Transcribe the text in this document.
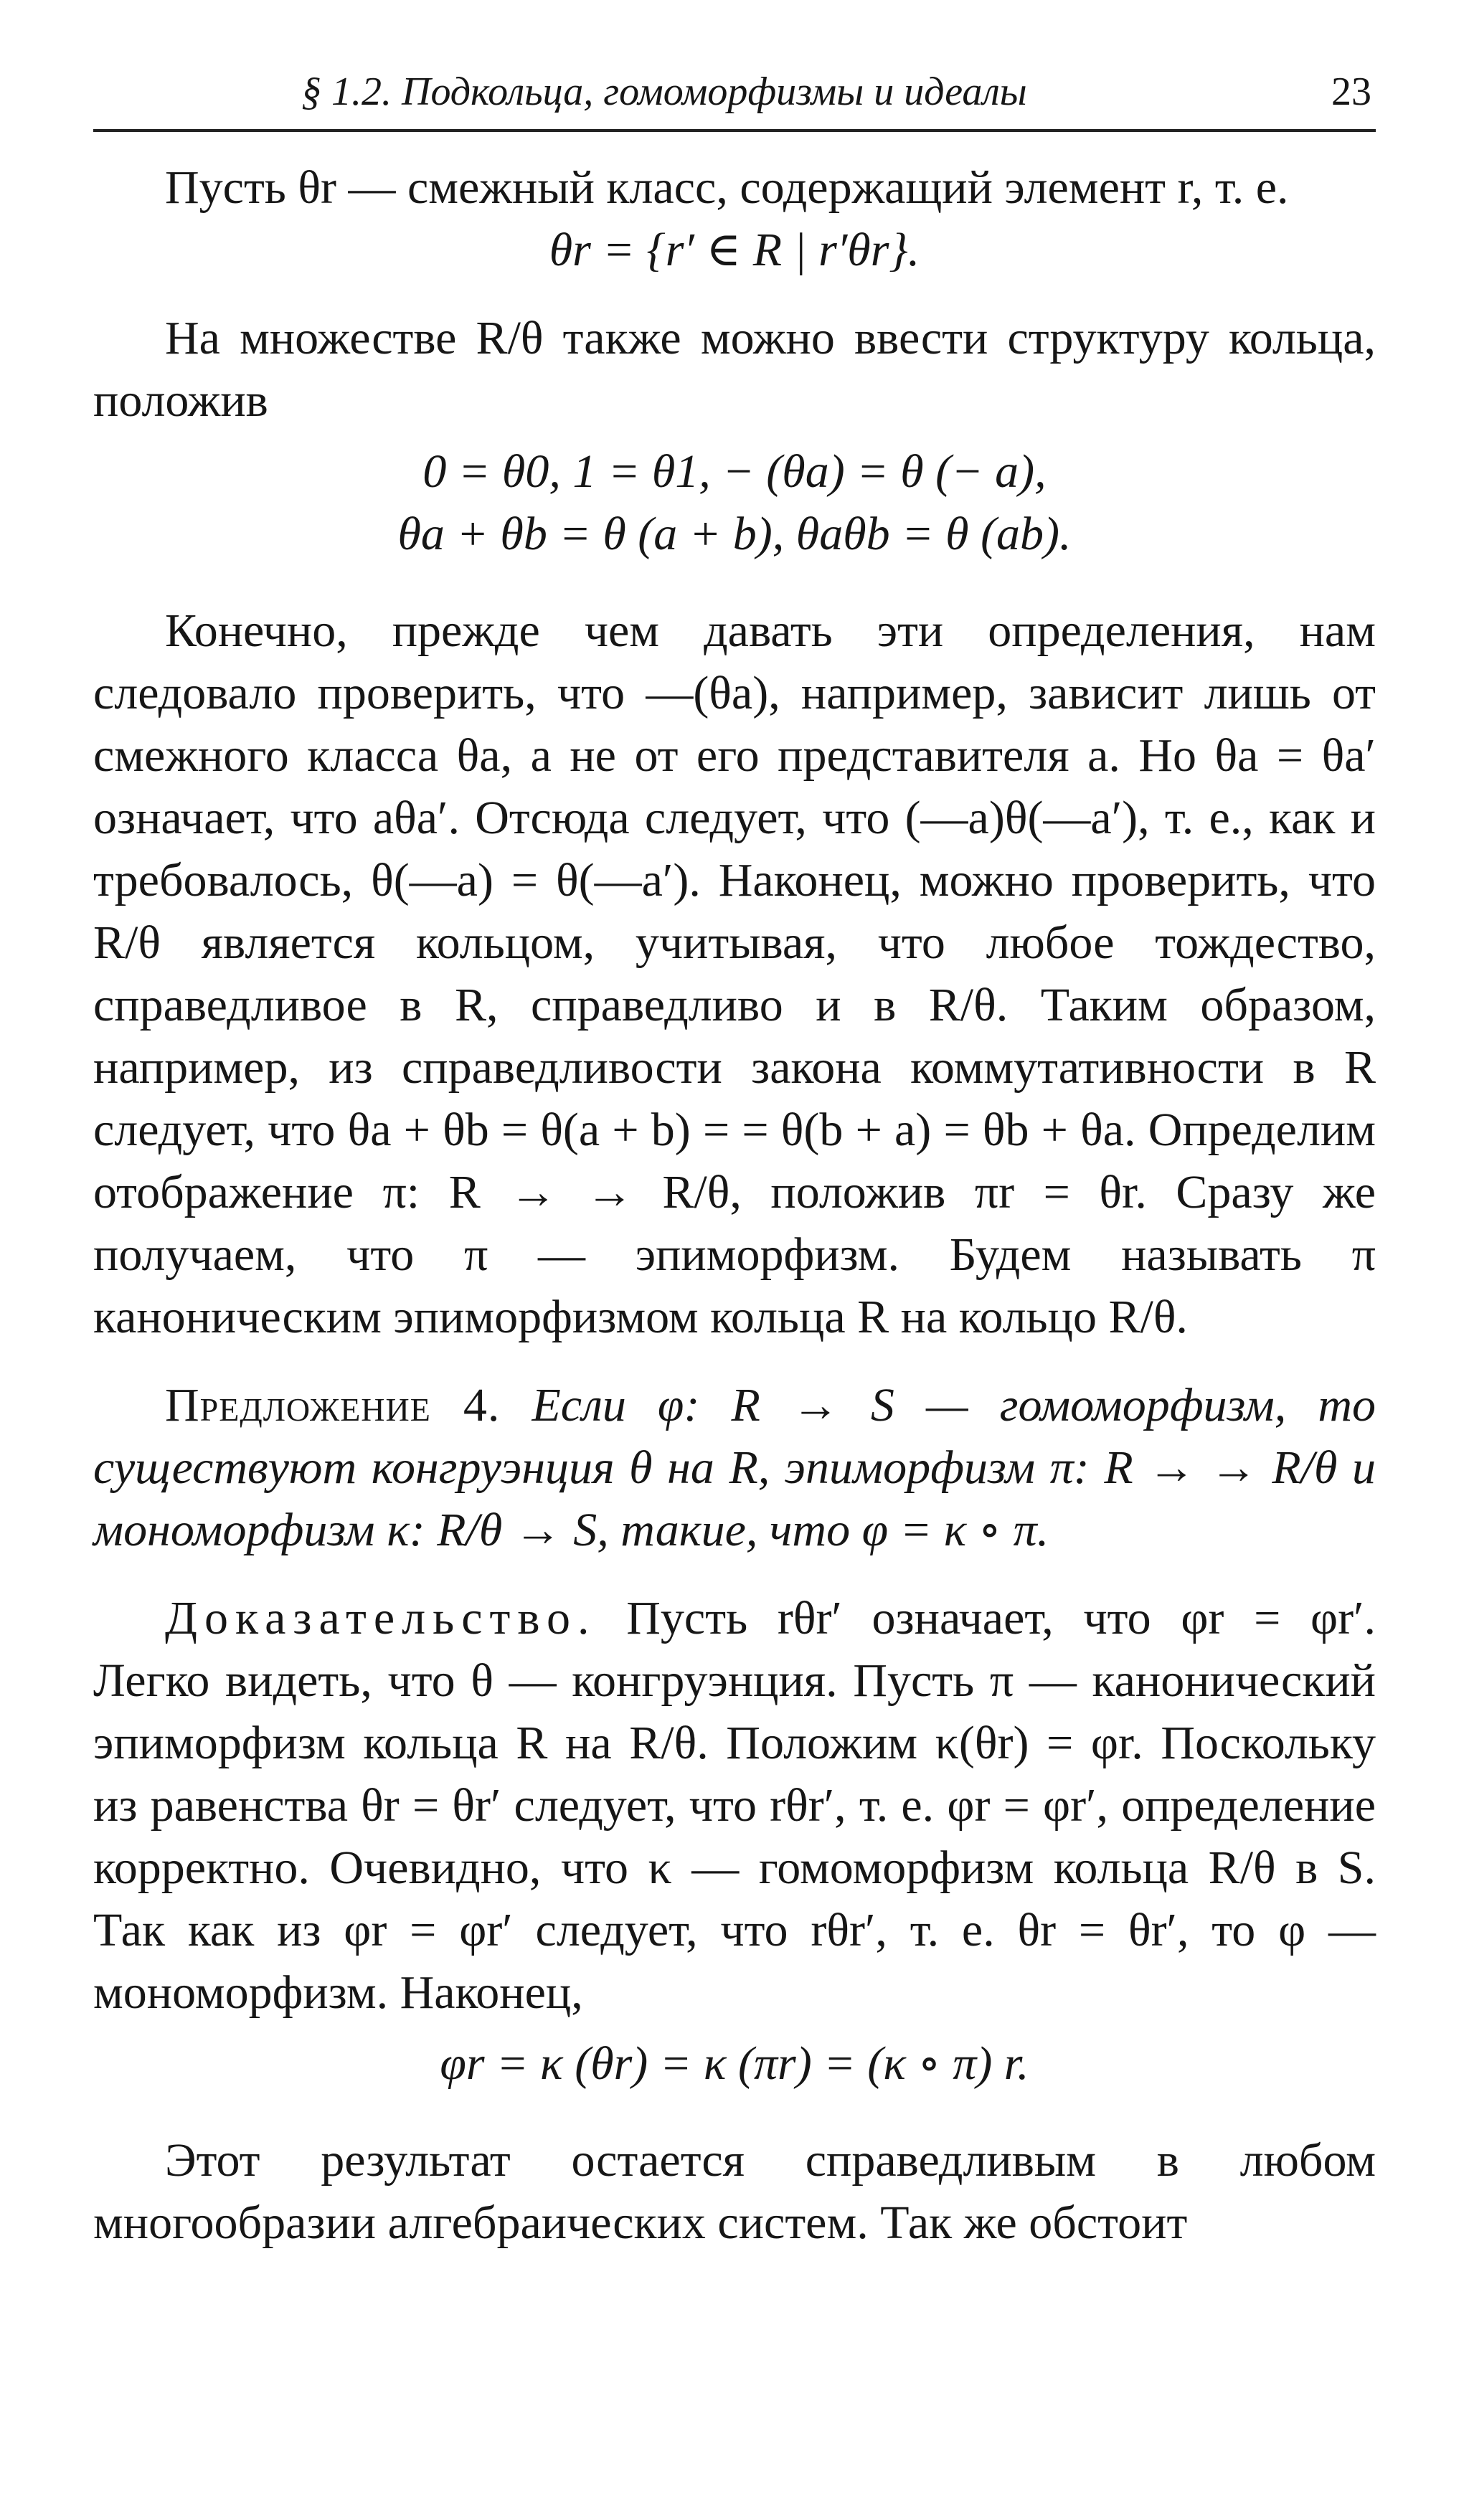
§ 1.2. Подкольца, гомоморфизмы и идеалы	23

Пусть θr — смежный класс, содержащий элемент r, т. е.

θr = {r′ ∈ R | r′θr}.

На множестве R/θ также можно ввести структуру кольца, положив

0 = θ0, 1 = θ1, − (θa) = θ (− a),
θa + θb = θ (a + b), θaθb = θ (ab).

Конечно, прежде чем давать эти определения, нам следовало проверить, что —(θa), например, зависит лишь от смежного класса θa, а не от его представителя a. Но θa = θa′ означает, что aθa′. Отсюда следует, что (—a)θ(—a′), т. е., как и требовалось, θ(—a) = θ(—a′). Наконец, можно проверить, что R/θ является кольцом, учитывая, что любое тождество, справедливое в R, справедливо и в R/θ. Таким образом, например, из справедливости закона коммутативности в R следует, что θa + θb = θ(a + b) = = θ(b + a) = θb + θa. Определим отображение π: R → → R/θ, положив πr = θr. Сразу же получаем, что π — эпиморфизм. Будем называть π каноническим эпиморфизмом кольца R на кольцо R/θ.

Предложение 4. Если φ: R → S — гомоморфизм, то существуют конгруэнция θ на R, эпиморфизм π: R → → R/θ и мономорфизм κ: R/θ → S, такие, что φ = κ ∘ π.

Доказательство. Пусть rθr′ означает, что φr = φr′. Легко видеть, что θ — конгруэнция. Пусть π — канонический эпиморфизм кольца R на R/θ. Положим κ(θr) = φr. Поскольку из равенства θr = θr′ следует, что rθr′, т. е. φr = φr′, определение корректно. Очевидно, что κ — гомоморфизм кольца R/θ в S. Так как из φr = φr′ следует, что rθr′, т. е. θr = θr′, то φ — мономорфизм. Наконец,

φr = κ (θr) = κ (πr) = (κ ∘ π) r.

Этот результат остается справедливым в любом многообразии алгебраических систем. Так же обстоит
